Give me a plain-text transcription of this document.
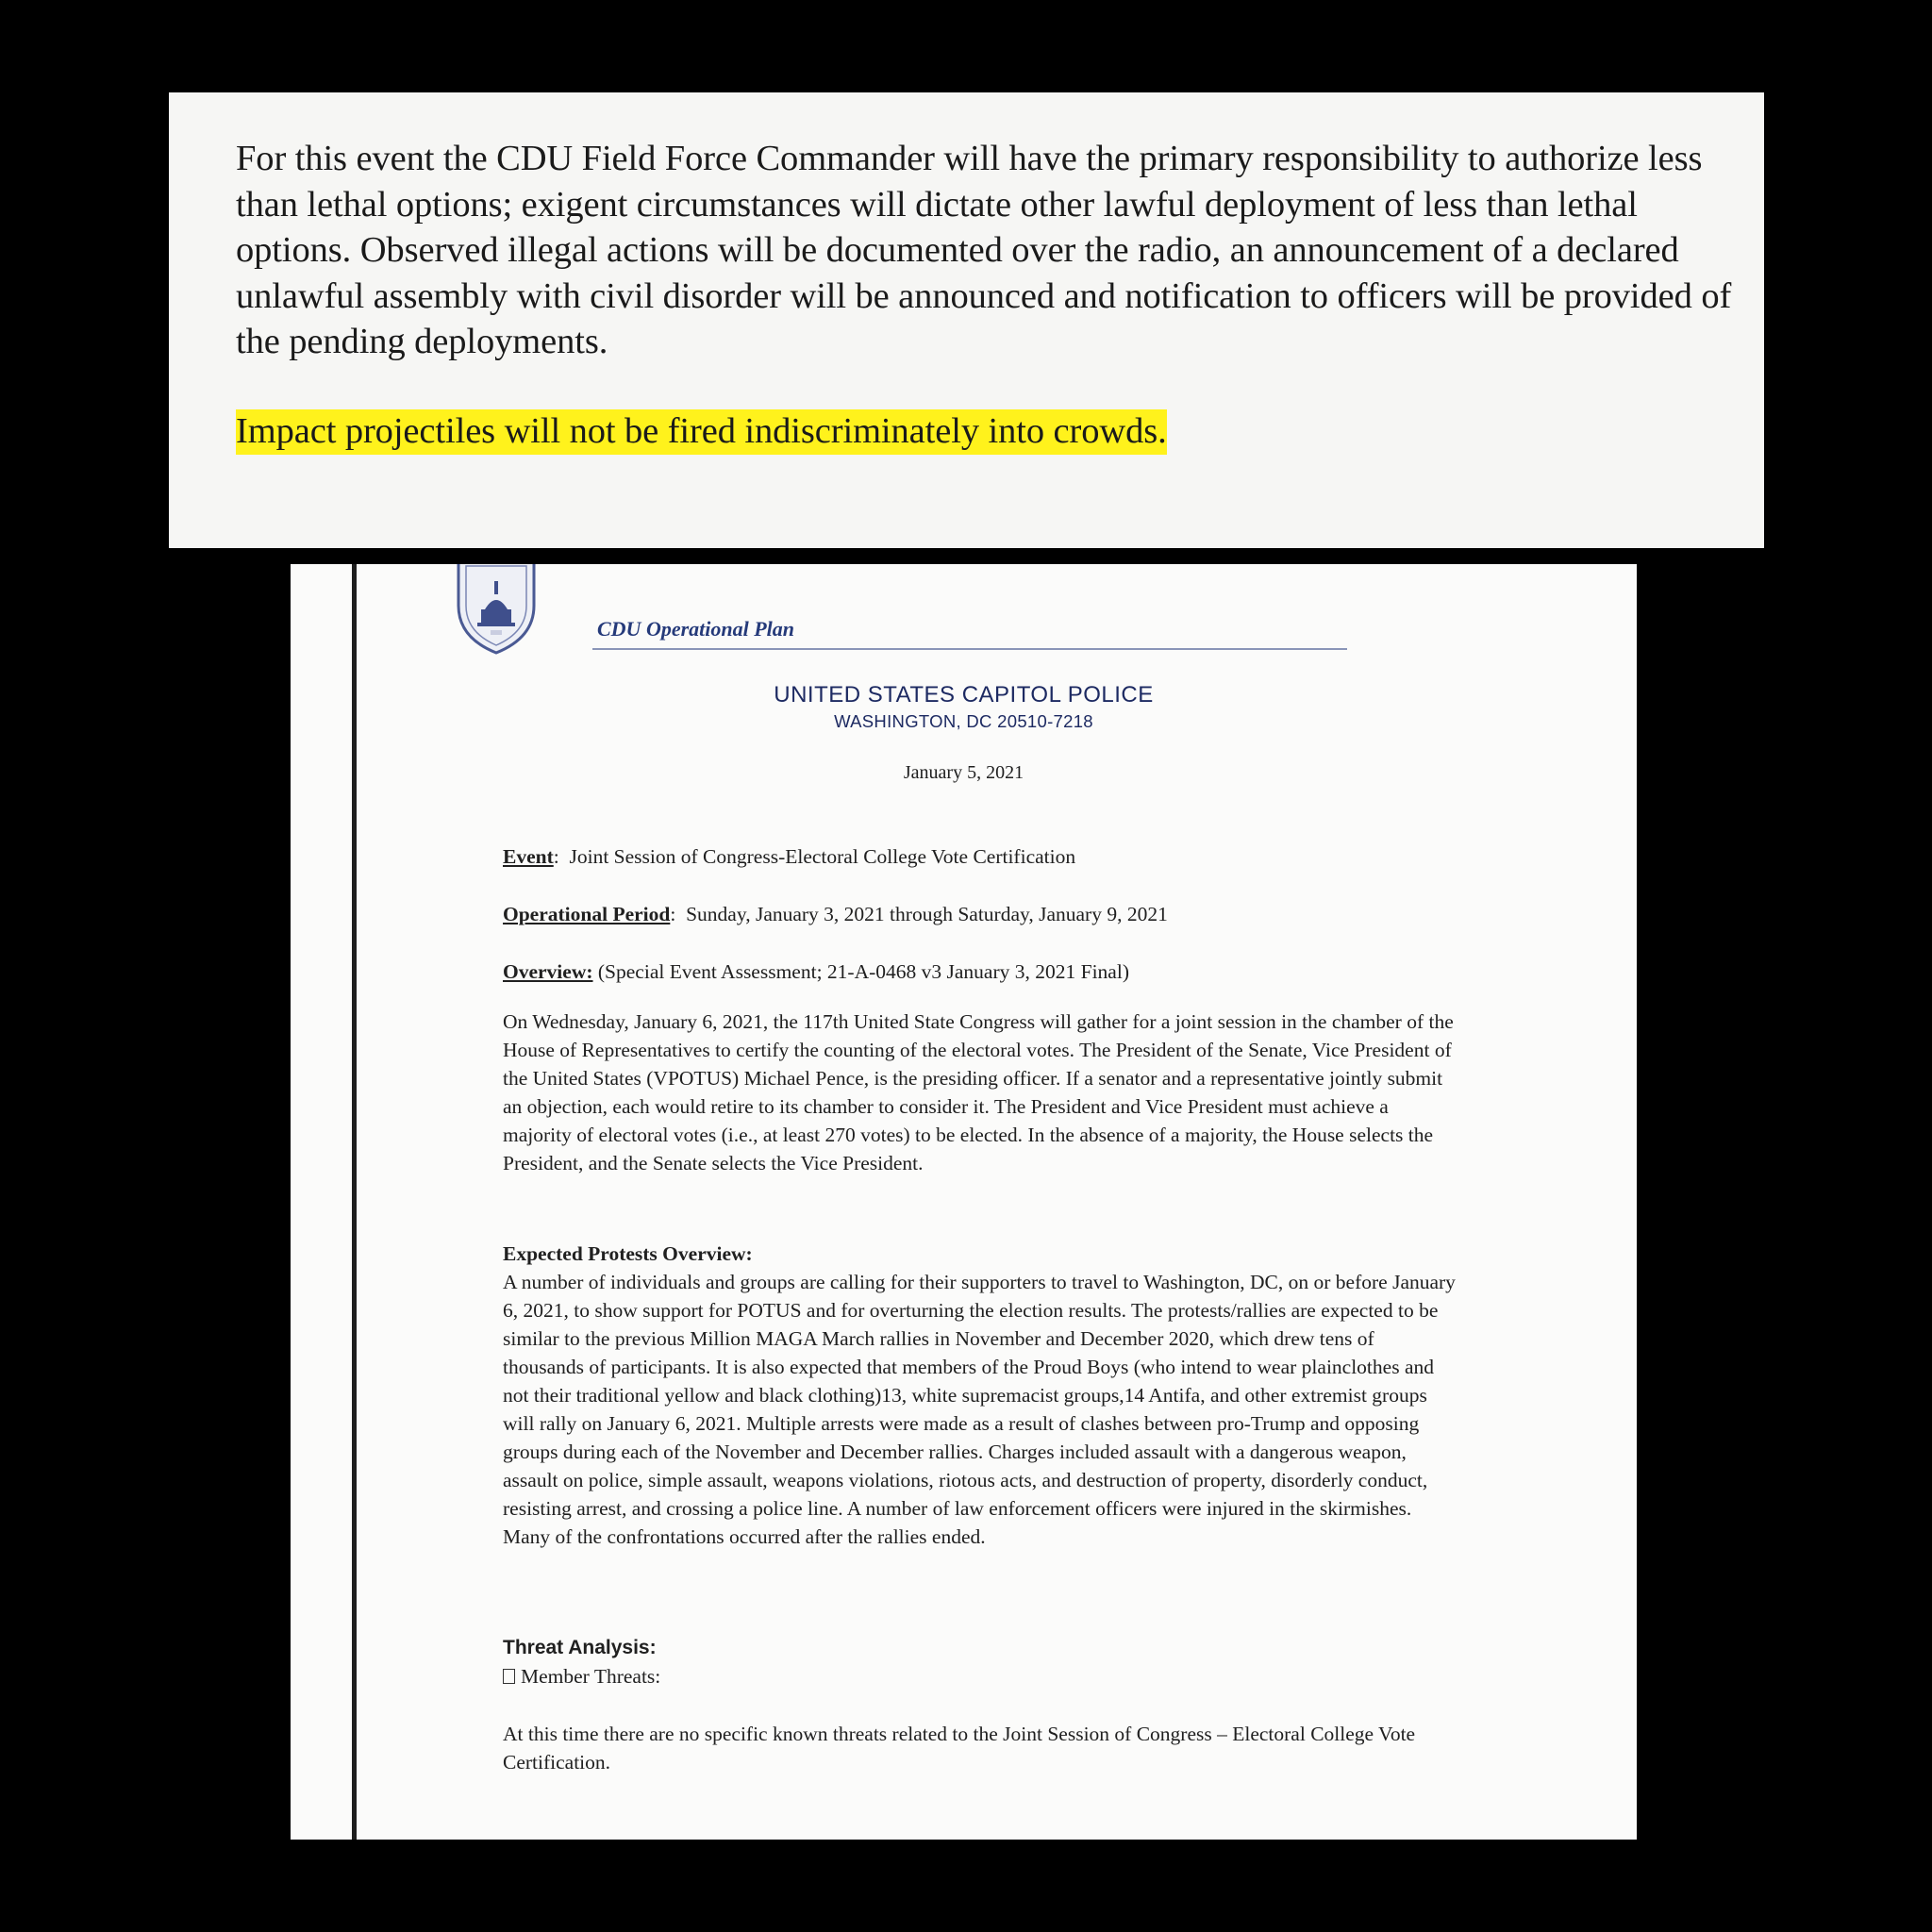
For this event the CDU Field Force Commander will have the primary responsibility to authorize less than lethal options; exigent circumstances will dictate other lawful deployment of less than lethal options. Observed illegal actions will be documented over the radio, an announcement of a declared unlawful assembly with civil disorder will be announced and notification to officers will be provided of the pending deployments.

Impact projectiles will not be fired indiscriminately into crowds.

CDU Operational Plan
UNITED STATES CAPITOL POLICE
WASHINGTON, DC 20510-7218
January 5, 2021
Event:  Joint Session of Congress-Electoral College Vote Certification
Operational Period:  Sunday, January 3, 2021 through Saturday, January 9, 2021
Overview: (Special Event Assessment; 21-A-0468 v3 January 3, 2021 Final)
On Wednesday, January 6, 2021, the 117th United State Congress will gather for a joint session in the chamber of the House of Representatives to certify the counting of the electoral votes. The President of the Senate, Vice President of the United States (VPOTUS) Michael Pence, is the presiding officer. If a senator and a representative jointly submit an objection, each would retire to its chamber to consider it. The President and Vice President must achieve a majority of electoral votes (i.e., at least 270 votes) to be elected. In the absence of a majority, the House selects the President, and the Senate selects the Vice President.
Expected Protests Overview:
A number of individuals and groups are calling for their supporters to travel to Washington, DC, on or before January 6, 2021, to show support for POTUS and for overturning the election results. The protests/rallies are expected to be similar to the previous Million MAGA March rallies in November and December 2020, which drew tens of thousands of participants. It is also expected that members of the Proud Boys (who intend to wear plainclothes and not their traditional yellow and black clothing)13, white supremacist groups,14 Antifa, and other extremist groups will rally on January 6, 2021. Multiple arrests were made as a result of clashes between pro-Trump and opposing groups during each of the November and December rallies. Charges included assault with a dangerous weapon, assault on police, simple assault, weapons violations, riotous acts, and destruction of property, disorderly conduct, resisting arrest, and crossing a police line. A number of law enforcement officers were injured in the skirmishes. Many of the confrontations occurred after the rallies ended.
Threat Analysis:
Member Threats:
At this time there are no specific known threats related to the Joint Session of Congress – Electoral College Vote Certification.
